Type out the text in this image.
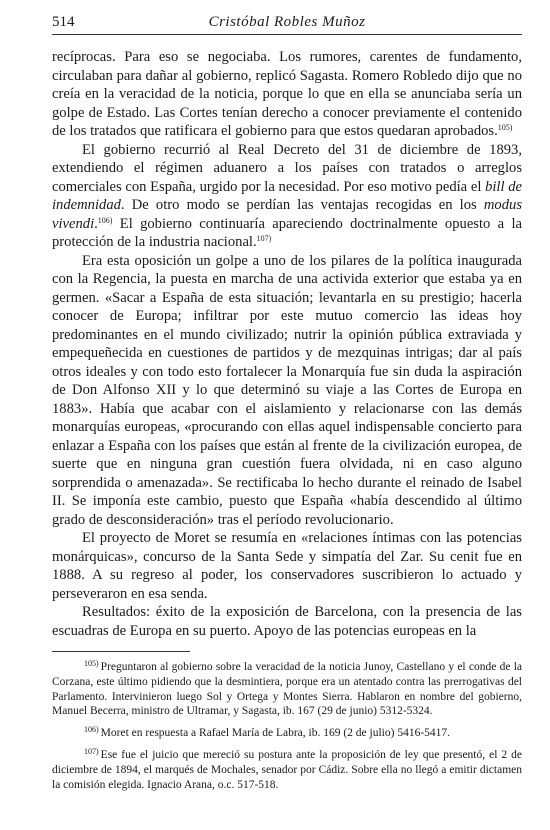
514	Cristóbal Robles Muñoz

recíprocas. Para eso se negociaba. Los rumores, carentes de fundamento, circulaban para dañar al gobierno, replicó Sagasta. Romero Robledo dijo que no creía en la veracidad de la noticia, porque lo que en ella se anunciaba sería un golpe de Estado. Las Cortes tenían derecho a conocer previamente el contenido de los tratados que ratificara el gobierno para que estos quedaran aprobados.$^{105)}$

El gobierno recurrió al Real Decreto del 31 de diciembre de 1893, extendiendo el régimen aduanero a los países con tratados o arreglos comerciales con España, urgido por la necesidad. Por eso motivo pedía el bill de indemnidad. De otro modo se perdían las ventajas recogidas en los modus vivendi.$^{106)}$ El gobierno continuaría apareciendo doctrinalmente opuesto a la protección de la industria nacional.$^{107)}$

Era esta oposición un golpe a uno de los pilares de la política inaugurada con la Regencia, la puesta en marcha de una activida exterior que estaba ya en germen. «Sacar a España de esta situación; levantarla en su prestigio; hacerla conocer de Europa; infiltrar por este mutuo comercio las ideas hoy predominantes en el mundo civilizado; nutrir la opinión pública extraviada y empequeñecida en cuestiones de partidos y de mezquinas intrigas; dar al país otros ideales y con todo esto fortalecer la Monarquía fue sin duda la aspiración de Don Alfonso XII y lo que determinó su viaje a las Cortes de Europa en 1883». Había que acabar con el aislamiento y relacionarse con las demás monarquías europeas, «procurando con ellas aquel indispensable concierto para enlazar a España con los países que están al frente de la civilización europea, de suerte que en ninguna gran cuestión fuera olvidada, ni en caso alguno sorprendida o amenazada». Se rectificaba lo hecho durante el reinado de Isabel II. Se imponía este cambio, puesto que España «había descendido al último grado de desconsideración» tras el período revolucionario.

El proyecto de Moret se resumía en «relaciones íntimas con las potencias monárquicas», concurso de la Santa Sede y simpatía del Zar. Su cenit fue en 1888. A su regreso al poder, los conservadores suscribieron lo actuado y perseveraron en esa senda.

Resultados: éxito de la exposición de Barcelona, con la presencia de las escuadras de Europa en su puerto. Apoyo de las potencias europeas en la

$^{105)}$ Preguntaron al gobierno sobre la veracidad de la noticia Junoy, Castellano y el conde de la Corzana, este último pidiendo que la desmintiera, porque era un atentado contra las prerrogativas del Parlamento. Intervinieron luego Sol y Ortega y Montes Sierra. Hablaron en nombre del gobierno, Manuel Becerra, ministro de Ultramar, y Sagasta, ib. 167 (29 de junio) 5312-5324.

$^{106)}$ Moret en respuesta a Rafael María de Labra, ib. 169 (2 de julio) 5416-5417.

$^{107)}$ Ese fue el juicio que mereció su postura ante la proposición de ley que presentó, el 2 de diciembre de 1894, el marqués de Mochales, senador por Cádiz. Sobre ella no llegó a emitir dictamen la comisión elegida. Ignacio Arana, o.c. 517-518.
